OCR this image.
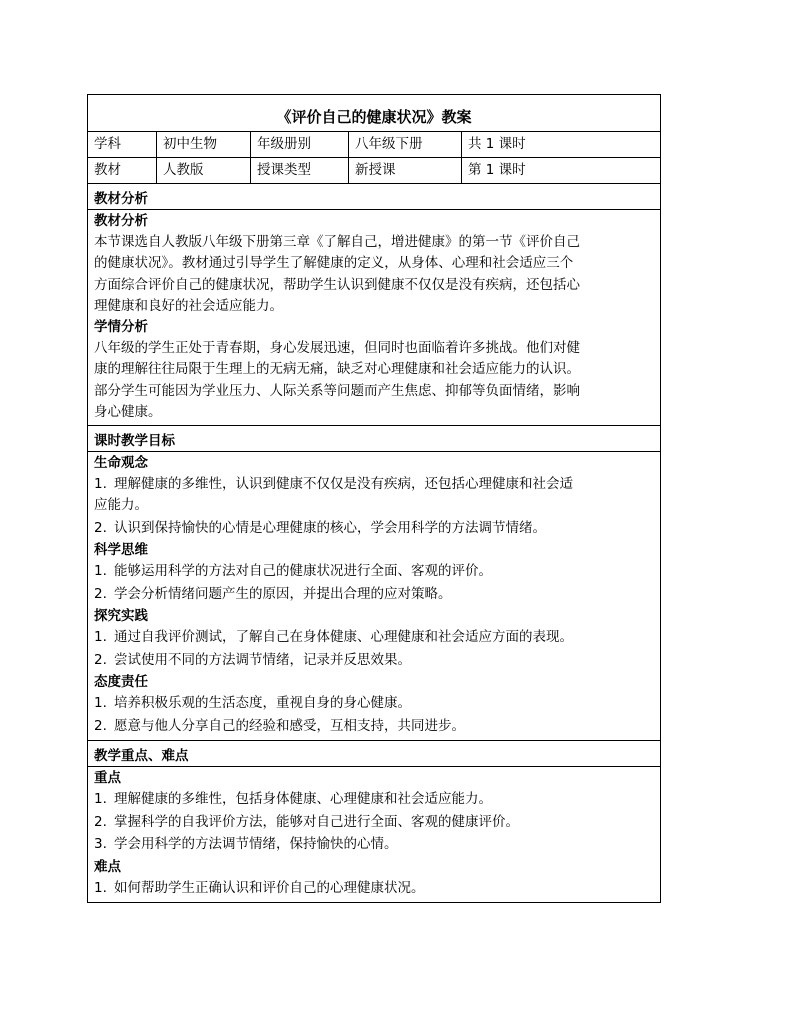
《评价自己的健康状况》教案
学科	初中生物	年级册别	八年级下册	共 1 课时
教材	人教版	授课类型	新授课	第 1 课时
教材分析
教材分析
本节课选自人教版八年级下册第三章《了解自己，增进健康》的第一节《评价自己
的健康状况》。教材通过引导学生了解健康的定义，从身体、心理和社会适应三个
方面综合评价自己的健康状况，帮助学生认识到健康不仅仅是没有疾病，还包括心
理健康和良好的社会适应能力。
学情分析
八年级的学生正处于青春期，身心发展迅速，但同时也面临着许多挑战。他们对健
康的理解往往局限于生理上的无病无痛，缺乏对心理健康和社会适应能力的认识。
部分学生可能因为学业压力、人际关系等问题而产生焦虑、抑郁等负面情绪，影响
身心健康。
课时教学目标
生命观念
1. 理解健康的多维性，认识到健康不仅仅是没有疾病，还包括心理健康和社会适
应能力。
2. 认识到保持愉快的心情是心理健康的核心，学会用科学的方法调节情绪。
科学思维
1. 能够运用科学的方法对自己的健康状况进行全面、客观的评价。
2. 学会分析情绪问题产生的原因，并提出合理的应对策略。
探究实践
1. 通过自我评价测试，了解自己在身体健康、心理健康和社会适应方面的表现。
2. 尝试使用不同的方法调节情绪，记录并反思效果。
态度责任
1. 培养积极乐观的生活态度，重视自身的身心健康。
2. 愿意与他人分享自己的经验和感受，互相支持，共同进步。
教学重点、难点
重点
1. 理解健康的多维性，包括身体健康、心理健康和社会适应能力。
2. 掌握科学的自我评价方法，能够对自己进行全面、客观的健康评价。
3. 学会用科学的方法调节情绪，保持愉快的心情。
难点
1. 如何帮助学生正确认识和评价自己的心理健康状况。
